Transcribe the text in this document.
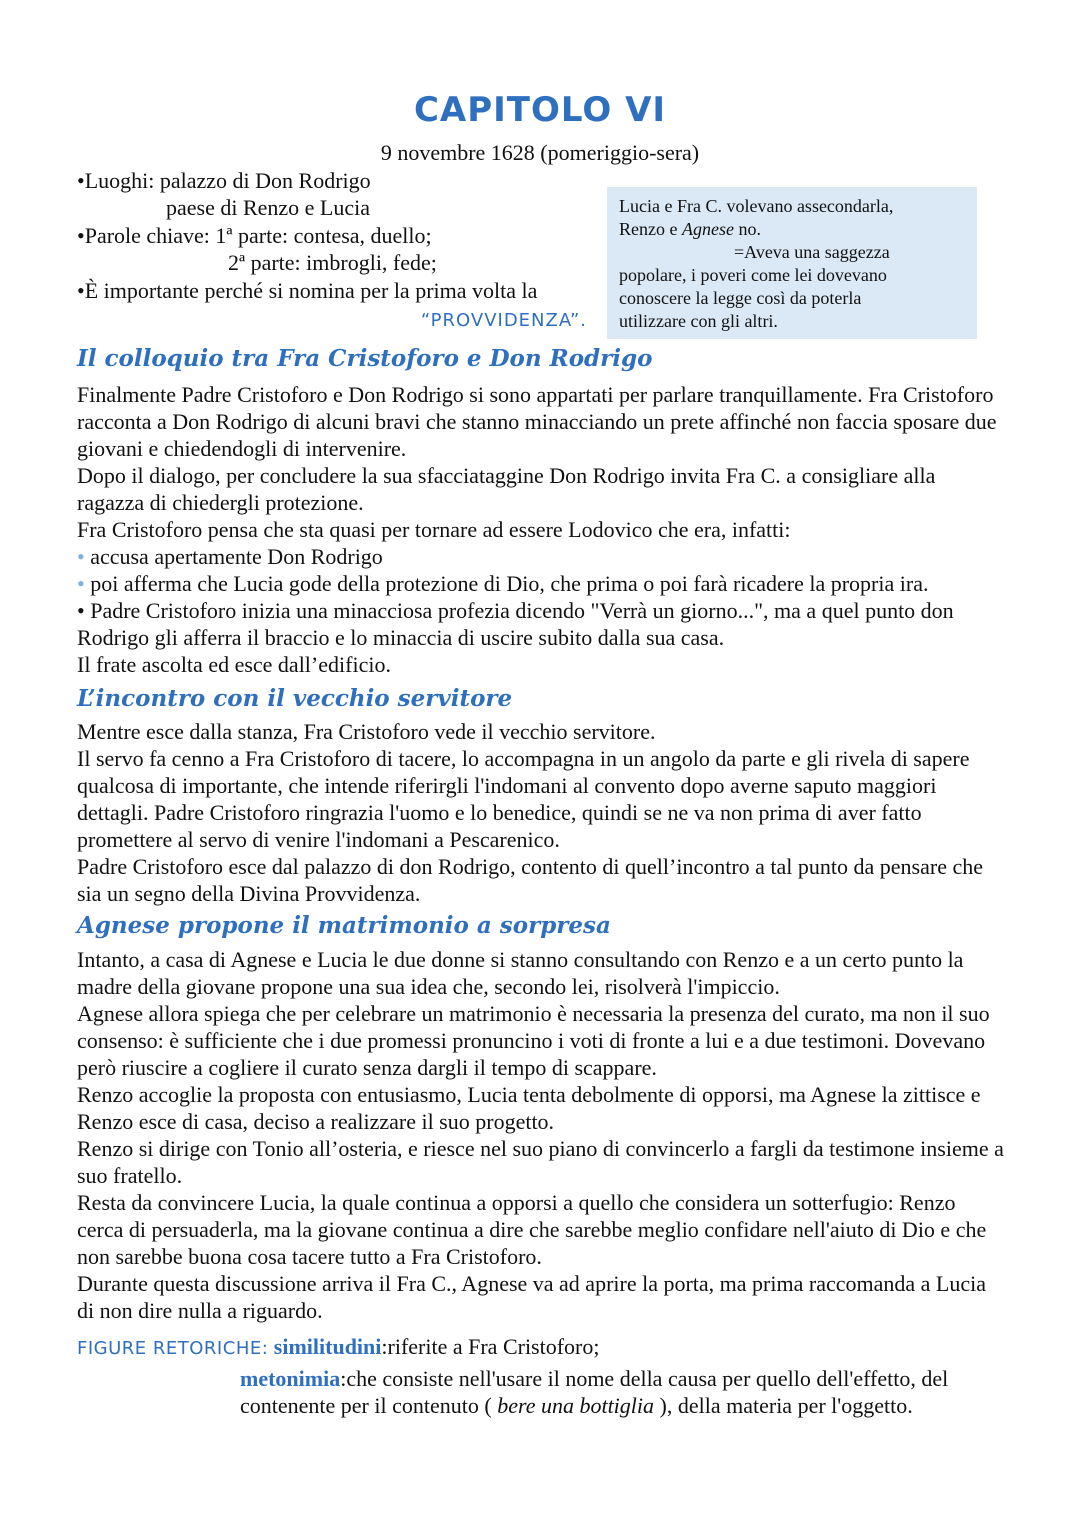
CAPITOLO VI
9 novembre 1628 (pomeriggio-sera)
•Luoghi: palazzo di Don Rodrigo
paese di Renzo e Lucia
•Parole chiave: 1ª parte: contesa, duello;
2ª parte: imbrogli, fede;
•È importante perché si nomina per la prima volta la
“PROVVIDENZA”.
Lucia e Fra C. volevano assecondarla,
Renzo e Agnese no.
=Aveva una saggezza
popolare, i poveri come lei dovevano
conoscere la legge così da poterla
utilizzare con gli altri.
Il colloquio tra Fra Cristoforo e Don Rodrigo

Finalmente Padre Cristoforo e Don Rodrigo si sono appartati per parlare tranquillamente. Fra Cristoforo racconta a Don Rodrigo di alcuni bravi che stanno minacciando un prete affinché non faccia sposare due giovani e chiedendogli di intervenire.

Dopo il dialogo, per concludere la sua sfacciataggine Don Rodrigo invita Fra C. a consigliare alla ragazza di chiedergli protezione.

Fra Cristoforo pensa che sta quasi per tornare ad essere Lodovico che era, infatti:

• accusa apertamente Don Rodrigo

• poi afferma che Lucia gode della protezione di Dio, che prima o poi farà ricadere la propria ira.

• Padre Cristoforo inizia una minacciosa profezia dicendo "Verrà un giorno...", ma a quel punto don Rodrigo gli afferra il braccio e lo minaccia di uscire subito dalla sua casa.

Il frate ascolta ed esce dall’edificio.

L’incontro con il vecchio servitore

Mentre esce dalla stanza, Fra Cristoforo vede il vecchio servitore.

Il servo fa cenno a Fra Cristoforo di tacere, lo accompagna in un angolo da parte e gli rivela di sapere qualcosa di importante, che intende riferirgli l'indomani al convento dopo averne saputo maggiori dettagli. Padre Cristoforo ringrazia l'uomo e lo benedice, quindi se ne va non prima di aver fatto promettere al servo di venire l'indomani a Pescarenico.

Padre Cristoforo esce dal palazzo di don Rodrigo, contento di quell’incontro a tal punto da pensare che sia un segno della Divina Provvidenza.

Agnese propone il matrimonio a sorpresa

Intanto, a casa di Agnese e Lucia le due donne si stanno consultando con Renzo e a un certo punto la madre della giovane propone una sua idea che, secondo lei, risolverà l'impiccio.

Agnese allora spiega che per celebrare un matrimonio è necessaria la presenza del curato, ma non il suo consenso: è sufficiente che i due promessi pronuncino i voti di fronte a lui e a due testimoni. Dovevano però riuscire a cogliere il curato senza dargli il tempo di scappare.

Renzo accoglie la proposta con entusiasmo, Lucia tenta debolmente di opporsi, ma Agnese la zittisce e Renzo esce di casa, deciso a realizzare il suo progetto.

Renzo si dirige con Tonio all’osteria, e riesce nel suo piano di convincerlo a fargli da testimone insieme a suo fratello.

Resta da convincere Lucia, la quale continua a opporsi a quello che considera un sotterfugio: Renzo cerca di persuaderla, ma la giovane continua a dire che sarebbe meglio confidare nell'aiuto di Dio e che non sarebbe buona cosa tacere tutto a Fra Cristoforo.

Durante questa discussione arriva il Fra C., Agnese va ad aprire la porta, ma prima raccomanda a Lucia di non dire nulla a riguardo.

FIGURE RETORICHE: similitudini:riferite a Fra Cristoforo;
metonimia:che consiste nell'usare il nome della causa per quello dell'effetto, del contenente per il contenuto ( bere una bottiglia ), della materia per l'oggetto.
